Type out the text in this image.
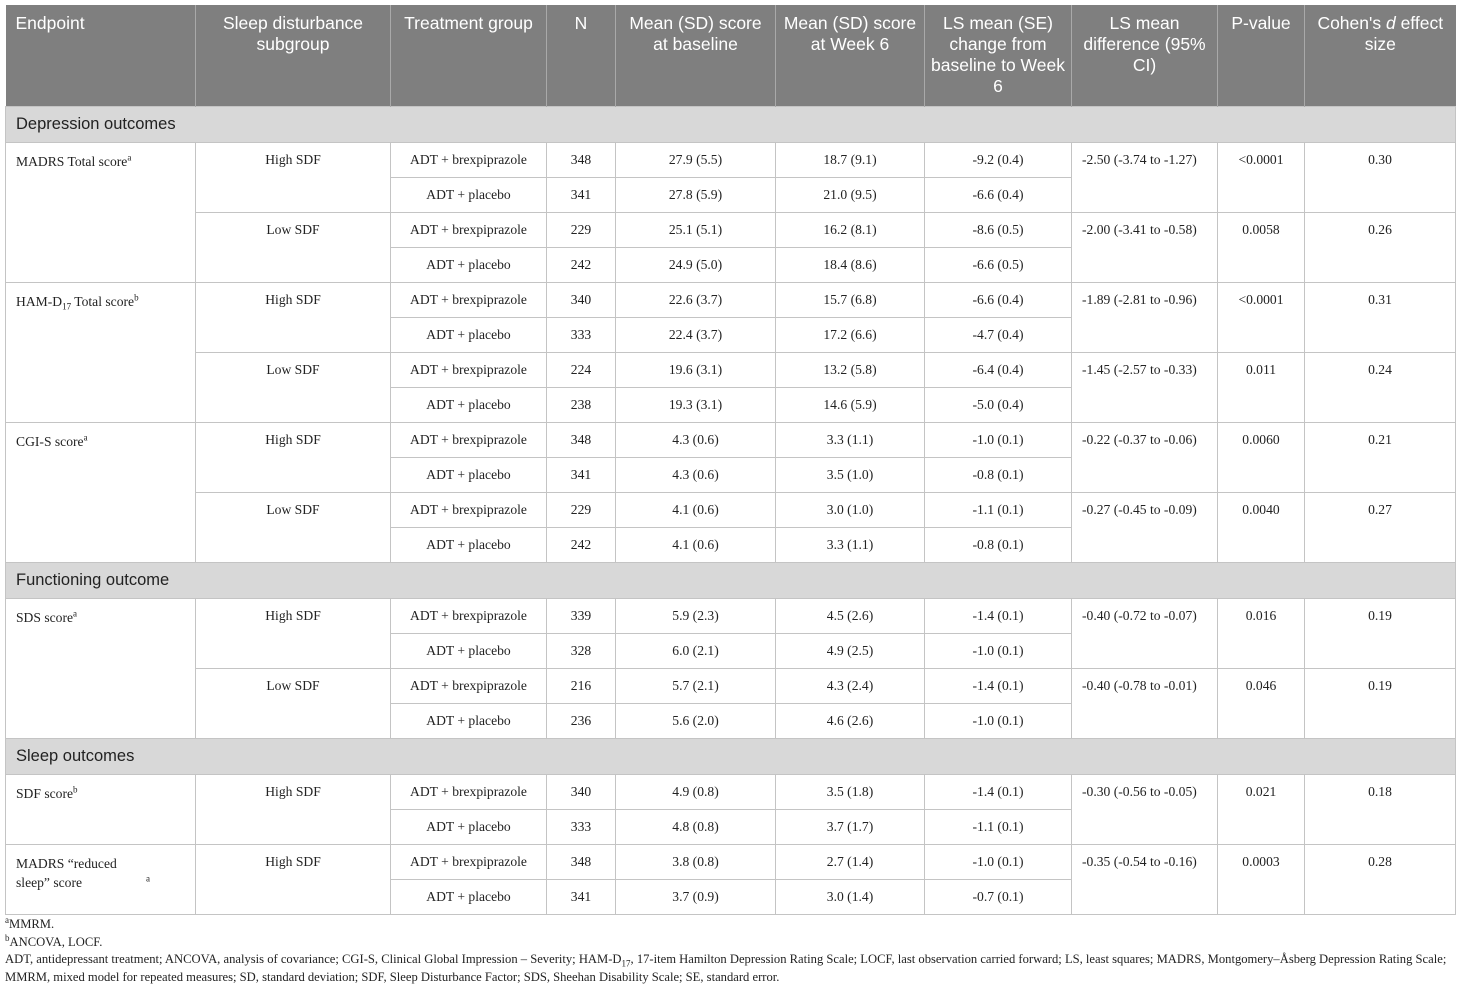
Endpoint	Sleep disturbance subgroup	Treatment group	N	Mean (SD) score at baseline	Mean (SD) score at Week 6	LS mean (SE) change from baseline to Week 6	LS mean difference (95% CI)	P-value	Cohen's d effect size
Depression outcomes									
MADRS Total score$^a$	High SDF	ADT + brexpiprazole	348	27.9 (5.5)	18.7 (9.1)	-9.2 (0.4)	-2.50 (-3.74 to -1.27)	<0.0001	0.30
		ADT + placebo	341	27.8 (5.9)	21.0 (9.5)	-6.6 (0.4)			
	Low SDF	ADT + brexpiprazole	229	25.1 (5.1)	16.2 (8.1)	-8.6 (0.5)	-2.00 (-3.41 to -0.58)	0.0058	0.26
		ADT + placebo	242	24.9 (5.0)	18.4 (8.6)	-6.6 (0.5)			
HAM-$D_{17}$ Total score$^b$	High SDF	ADT + brexpiprazole	340	22.6 (3.7)	15.7 (6.8)	-6.6 (0.4)	-1.89 (-2.81 to -0.96)	<0.0001	0.31
		ADT + placebo	333	22.4 (3.7)	17.2 (6.6)	-4.7 (0.4)			
	Low SDF	ADT + brexpiprazole	224	19.6 (3.1)	13.2 (5.8)	-6.4 (0.4)	-1.45 (-2.57 to -0.33)	0.011	0.24
		ADT + placebo	238	19.3 (3.1)	14.6 (5.9)	-5.0 (0.4)			
CGI-S score$^a$	High SDF	ADT + brexpiprazole	348	4.3 (0.6)	3.3 (1.1)	-1.0 (0.1)	-0.22 (-0.37 to -0.06)	0.0060	0.21
		ADT + placebo	341	4.3 (0.6)	3.5 (1.0)	-0.8 (0.1)			
	Low SDF	ADT + brexpiprazole	229	4.1 (0.6)	3.0 (1.0)	-1.1 (0.1)	-0.27 (-0.45 to -0.09)	0.0040	0.27
		ADT + placebo	242	4.1 (0.6)	3.3 (1.1)	-0.8 (0.1)			
Functioning outcome									
SDS score$^a$	High SDF	ADT + brexpiprazole	339	5.9 (2.3)	4.5 (2.6)	-1.4 (0.1)	-0.40 (-0.72 to -0.07)	0.016	0.19
		ADT + placebo	328	6.0 (2.1)	4.9 (2.5)	-1.0 (0.1)			
	Low SDF	ADT + brexpiprazole	216	5.7 (2.1)	4.3 (2.4)	-1.4 (0.1)	-0.40 (-0.78 to -0.01)	0.046	0.19
		ADT + placebo	236	5.6 (2.0)	4.6 (2.6)	-1.0 (0.1)			
Sleep outcomes									
SDF score$^b$	High SDF	ADT + brexpiprazole	340	4.9 (0.8)	3.5 (1.8)	-1.4 (0.1)	-0.30 (-0.56 to -0.05)	0.021	0.18
		ADT + placebo	333	4.8 (0.8)	3.7 (1.7)	-1.1 (0.1)			
MADRS “reduced sleep” score $^a$	High SDF	ADT + brexpiprazole	348	3.8 (0.8)	2.7 (1.4)	-1.0 (0.1)	-0.35 (-0.54 to -0.16)	0.0003	0.28
		ADT + placebo	341	3.7 (0.9)	3.0 (1.4)	-0.7 (0.1)			
$^a$MMRM.
$^b$ANCOVA, LOCF.
ADT, antidepressant treatment; ANCOVA, analysis of covariance; CGI-S, Clinical Global Impression – Severity; HAM-$D_{17}$, 17-item Hamilton Depression Rating Scale; LOCF, last observation carried forward; LS, least squares; MADRS, Montgomery–Åsberg Depression Rating Scale; MMRM, mixed model for repeated measures; SD, standard deviation; SDF, Sleep Disturbance Factor; SDS, Sheehan Disability Scale; SE, standard error.
